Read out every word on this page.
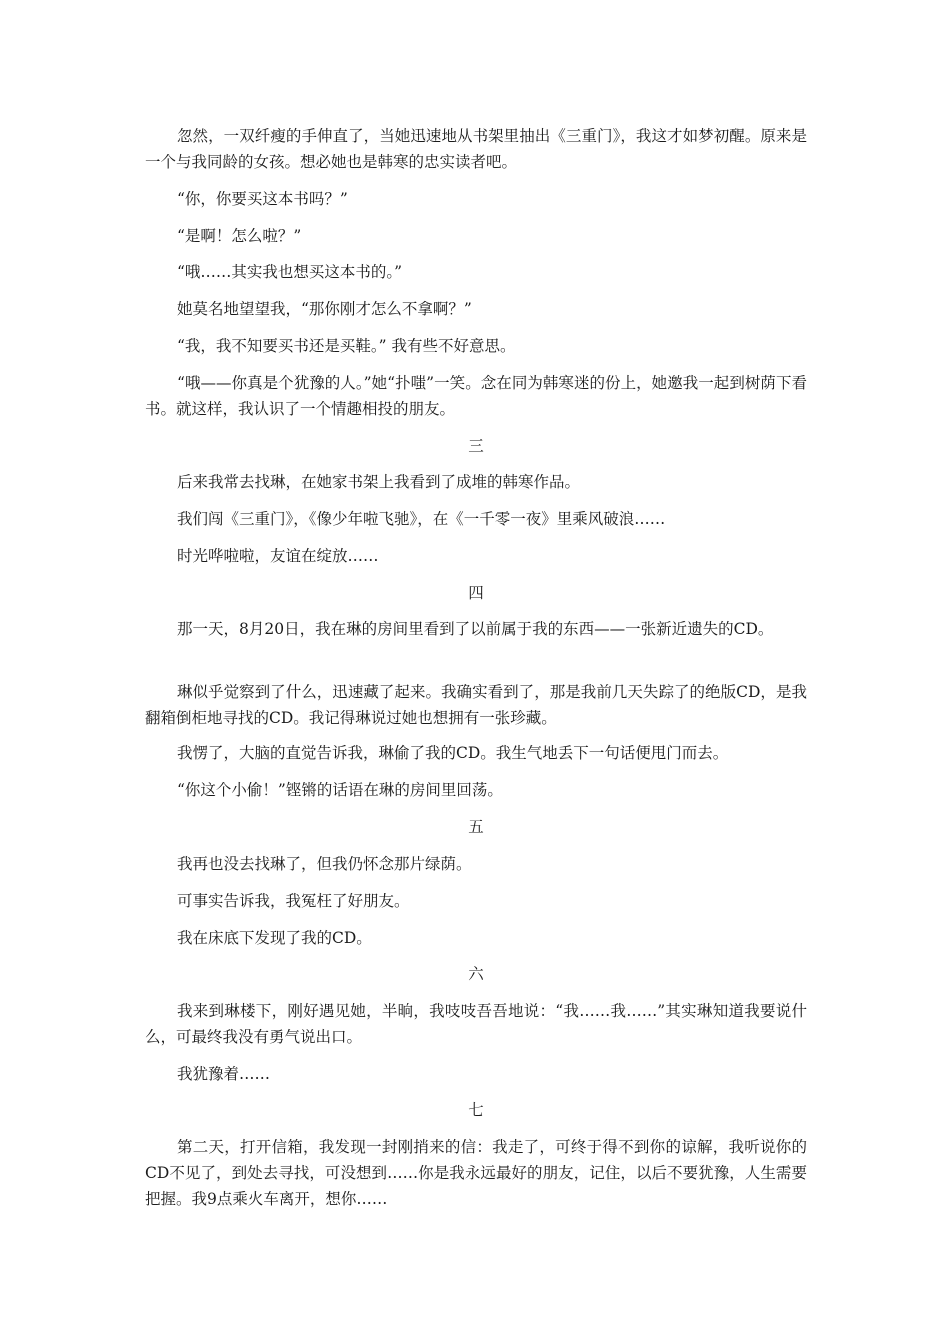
忽然，一双纤瘦的手伸直了，当她迅速地从书架里抽出《三重门》，我这才如梦初醒。原来是一个与我同龄的女孩。想必她也是韩寒的忠实读者吧。

“你，你要买这本书吗？”

“是啊！怎么啦？”

“哦……其实我也想买这本书的。”

她莫名地望望我，“那你刚才怎么不拿啊？”

“我，我不知要买书还是买鞋。” 我有些不好意思。

“哦——你真是个犹豫的人。”她“扑嗤”一笑。念在同为韩寒迷的份上，她邀我一起到树荫下看书。就这样，我认识了一个情趣相投的朋友。

三

后来我常去找琳，在她家书架上我看到了成堆的韩寒作品。

我们闯《三重门》，《像少年啦飞驰》，在《一千零一夜》里乘风破浪……

时光哗啦啦，友谊在绽放……

四

那一天，8月20日，我在琳的房间里看到了以前属于我的东西——一张新近遗失的CD。

琳似乎觉察到了什么，迅速藏了起来。我确实看到了，那是我前几天失踪了的绝版CD，是我翻箱倒柜地寻找的CD。我记得琳说过她也想拥有一张珍藏。

我愣了，大脑的直觉告诉我，琳偷了我的CD。我生气地丢下一句话便甩门而去。

“你这个小偷！”铿锵的话语在琳的房间里回荡。

五

我再也没去找琳了，但我仍怀念那片绿荫。

可事实告诉我，我冤枉了好朋友。

我在床底下发现了我的CD。

六

我来到琳楼下，刚好遇见她，半晌，我吱吱吾吾地说：“我……我……”其实琳知道我要说什么，可最终我没有勇气说出口。

我犹豫着……

七

第二天，打开信箱，我发现一封刚捎来的信：我走了，可终于得不到你的谅解，我听说你的CD不见了，到处去寻找，可没想到……你是我永远最好的朋友，记住，以后不要犹豫，人生需要把握。我9点乘火车离开，想你……
